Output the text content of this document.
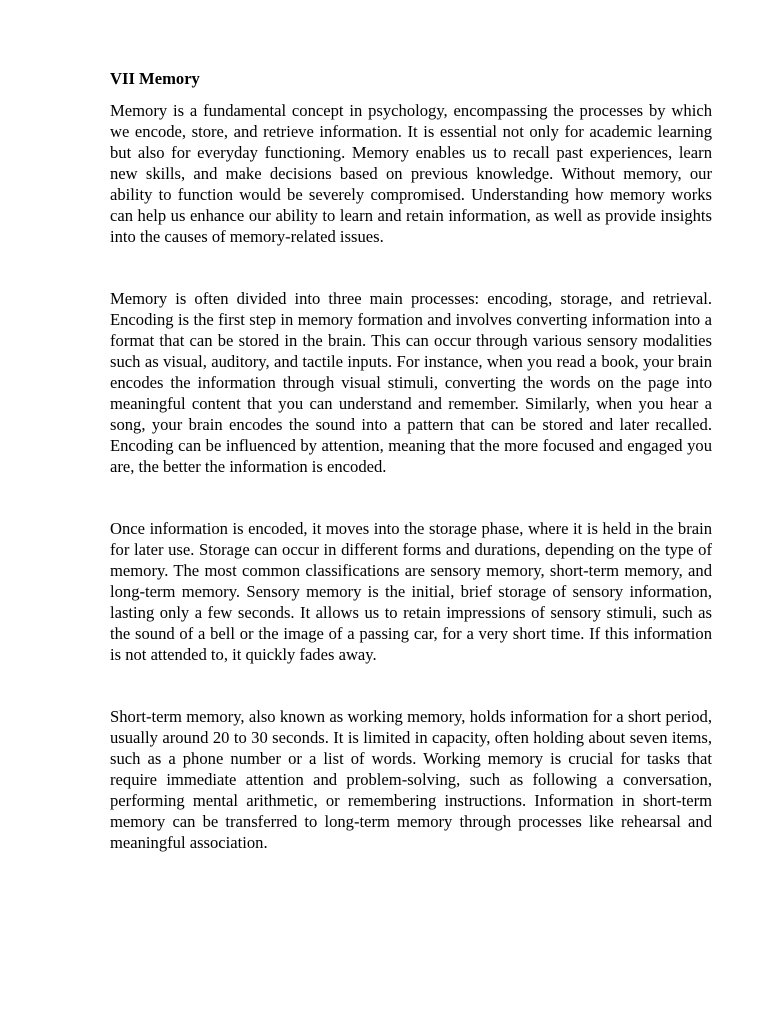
VII Memory

Memory is a fundamental concept in psychology, encompassing the processes by which we encode, store, and retrieve information. It is essential not only for academic learning but also for everyday functioning. Memory enables us to recall past experiences, learn new skills, and make decisions based on previous knowledge. Without memory, our ability to function would be severely compromised. Understanding how memory works can help us enhance our ability to learn and retain information, as well as provide insights into the causes of memory-related issues.

Memory is often divided into three main processes: encoding, storage, and retrieval. Encoding is the first step in memory formation and involves converting information into a format that can be stored in the brain. This can occur through various sensory modalities such as visual, auditory, and tactile inputs. For instance, when you read a book, your brain encodes the information through visual stimuli, converting the words on the page into meaningful content that you can understand and remember. Similarly, when you hear a song, your brain encodes the sound into a pattern that can be stored and later recalled. Encoding can be influenced by attention, meaning that the more focused and engaged you are, the better the information is encoded.

Once information is encoded, it moves into the storage phase, where it is held in the brain for later use. Storage can occur in different forms and durations, depending on the type of memory. The most common classifications are sensory memory, short-term memory, and long-term memory. Sensory memory is the initial, brief storage of sensory information, lasting only a few seconds. It allows us to retain impressions of sensory stimuli, such as the sound of a bell or the image of a passing car, for a very short time. If this information is not attended to, it quickly fades away.

Short-term memory, also known as working memory, holds information for a short period, usually around 20 to 30 seconds. It is limited in capacity, often holding about seven items, such as a phone number or a list of words. Working memory is crucial for tasks that require immediate attention and problem-solving, such as following a conversation, performing mental arithmetic, or remembering instructions. Information in short-term memory can be transferred to long-term memory through processes like rehearsal and meaningful association.
